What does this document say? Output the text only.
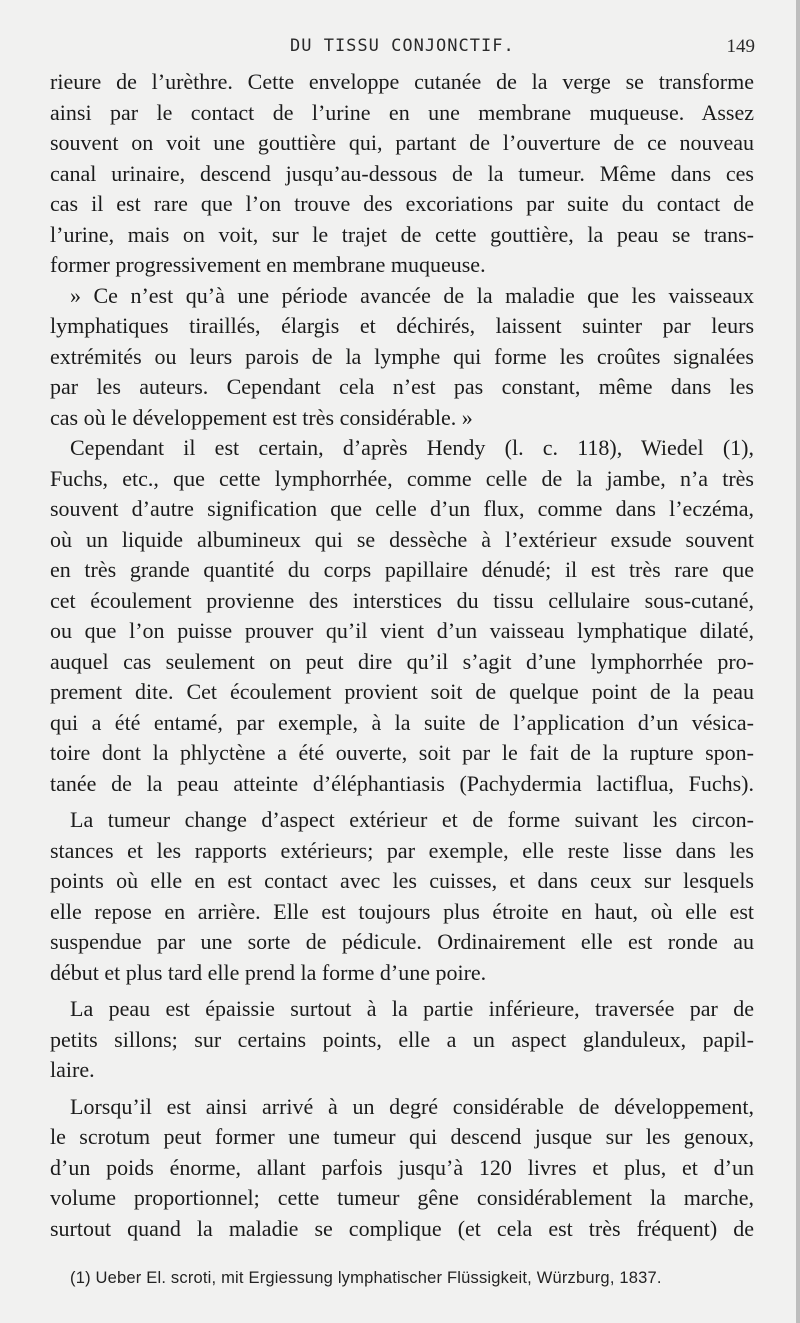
DU TISSU CONJONCTIF.	149
rieure de l’urèthre. Cette enveloppe cutanée de la verge se transforme
ainsi par le contact de l’urine en une membrane muqueuse. Assez
souvent on voit une gouttière qui, partant de l’ouverture de ce nouveau
canal urinaire, descend jusqu’au-dessous de la tumeur. Même dans ces
cas il est rare que l’on trouve des excoriations par suite du contact de
l’urine, mais on voit, sur le trajet de cette gouttière, la peau se trans-
former progressivement en membrane muqueuse.
» Ce n’est qu’à une période avancée de la maladie que les vaisseaux
lymphatiques tiraillés, élargis et déchirés, laissent suinter par leurs
extrémités ou leurs parois de la lymphe qui forme les croûtes signalées
par les auteurs. Cependant cela n’est pas constant, même dans les
cas où le développement est très considérable. »
Cependant il est certain, d’après Hendy (l. c. 118), Wiedel (1),
Fuchs, etc., que cette lymphorrhée, comme celle de la jambe, n’a très
souvent d’autre signification que celle d’un flux, comme dans l’eczéma,
où un liquide albumineux qui se dessèche à l’extérieur exsude souvent
en très grande quantité du corps papillaire dénudé; il est très rare que
cet écoulement provienne des interstices du tissu cellulaire sous-cutané,
ou que l’on puisse prouver qu’il vient d’un vaisseau lymphatique dilaté,
auquel cas seulement on peut dire qu’il s’agit d’une lymphorrhée pro-
prement dite. Cet écoulement provient soit de quelque point de la peau
qui a été entamé, par exemple, à la suite de l’application d’un vésica-
toire dont la phlyctène a été ouverte, soit par le fait de la rupture spon-
tanée de la peau atteinte d’éléphantiasis (Pachydermia lactiflua, Fuchs).
La tumeur change d’aspect extérieur et de forme suivant les circon-
stances et les rapports extérieurs; par exemple, elle reste lisse dans les
points où elle en est contact avec les cuisses, et dans ceux sur lesquels
elle repose en arrière. Elle est toujours plus étroite en haut, où elle est
suspendue par une sorte de pédicule. Ordinairement elle est ronde au
début et plus tard elle prend la forme d’une poire.
La peau est épaissie surtout à la partie inférieure, traversée par de
petits sillons; sur certains points, elle a un aspect glanduleux, papil-
laire.
Lorsqu’il est ainsi arrivé à un degré considérable de développement,
le scrotum peut former une tumeur qui descend jusque sur les genoux,
d’un poids énorme, allant parfois jusqu’à 120 livres et plus, et d’un
volume proportionnel; cette tumeur gêne considérablement la marche,
surtout quand la maladie se complique (et cela est très fréquent) de
(1) Ueber El. scroti, mit Ergiessung lymphatischer Flüssigkeit, Würzburg, 1837.
